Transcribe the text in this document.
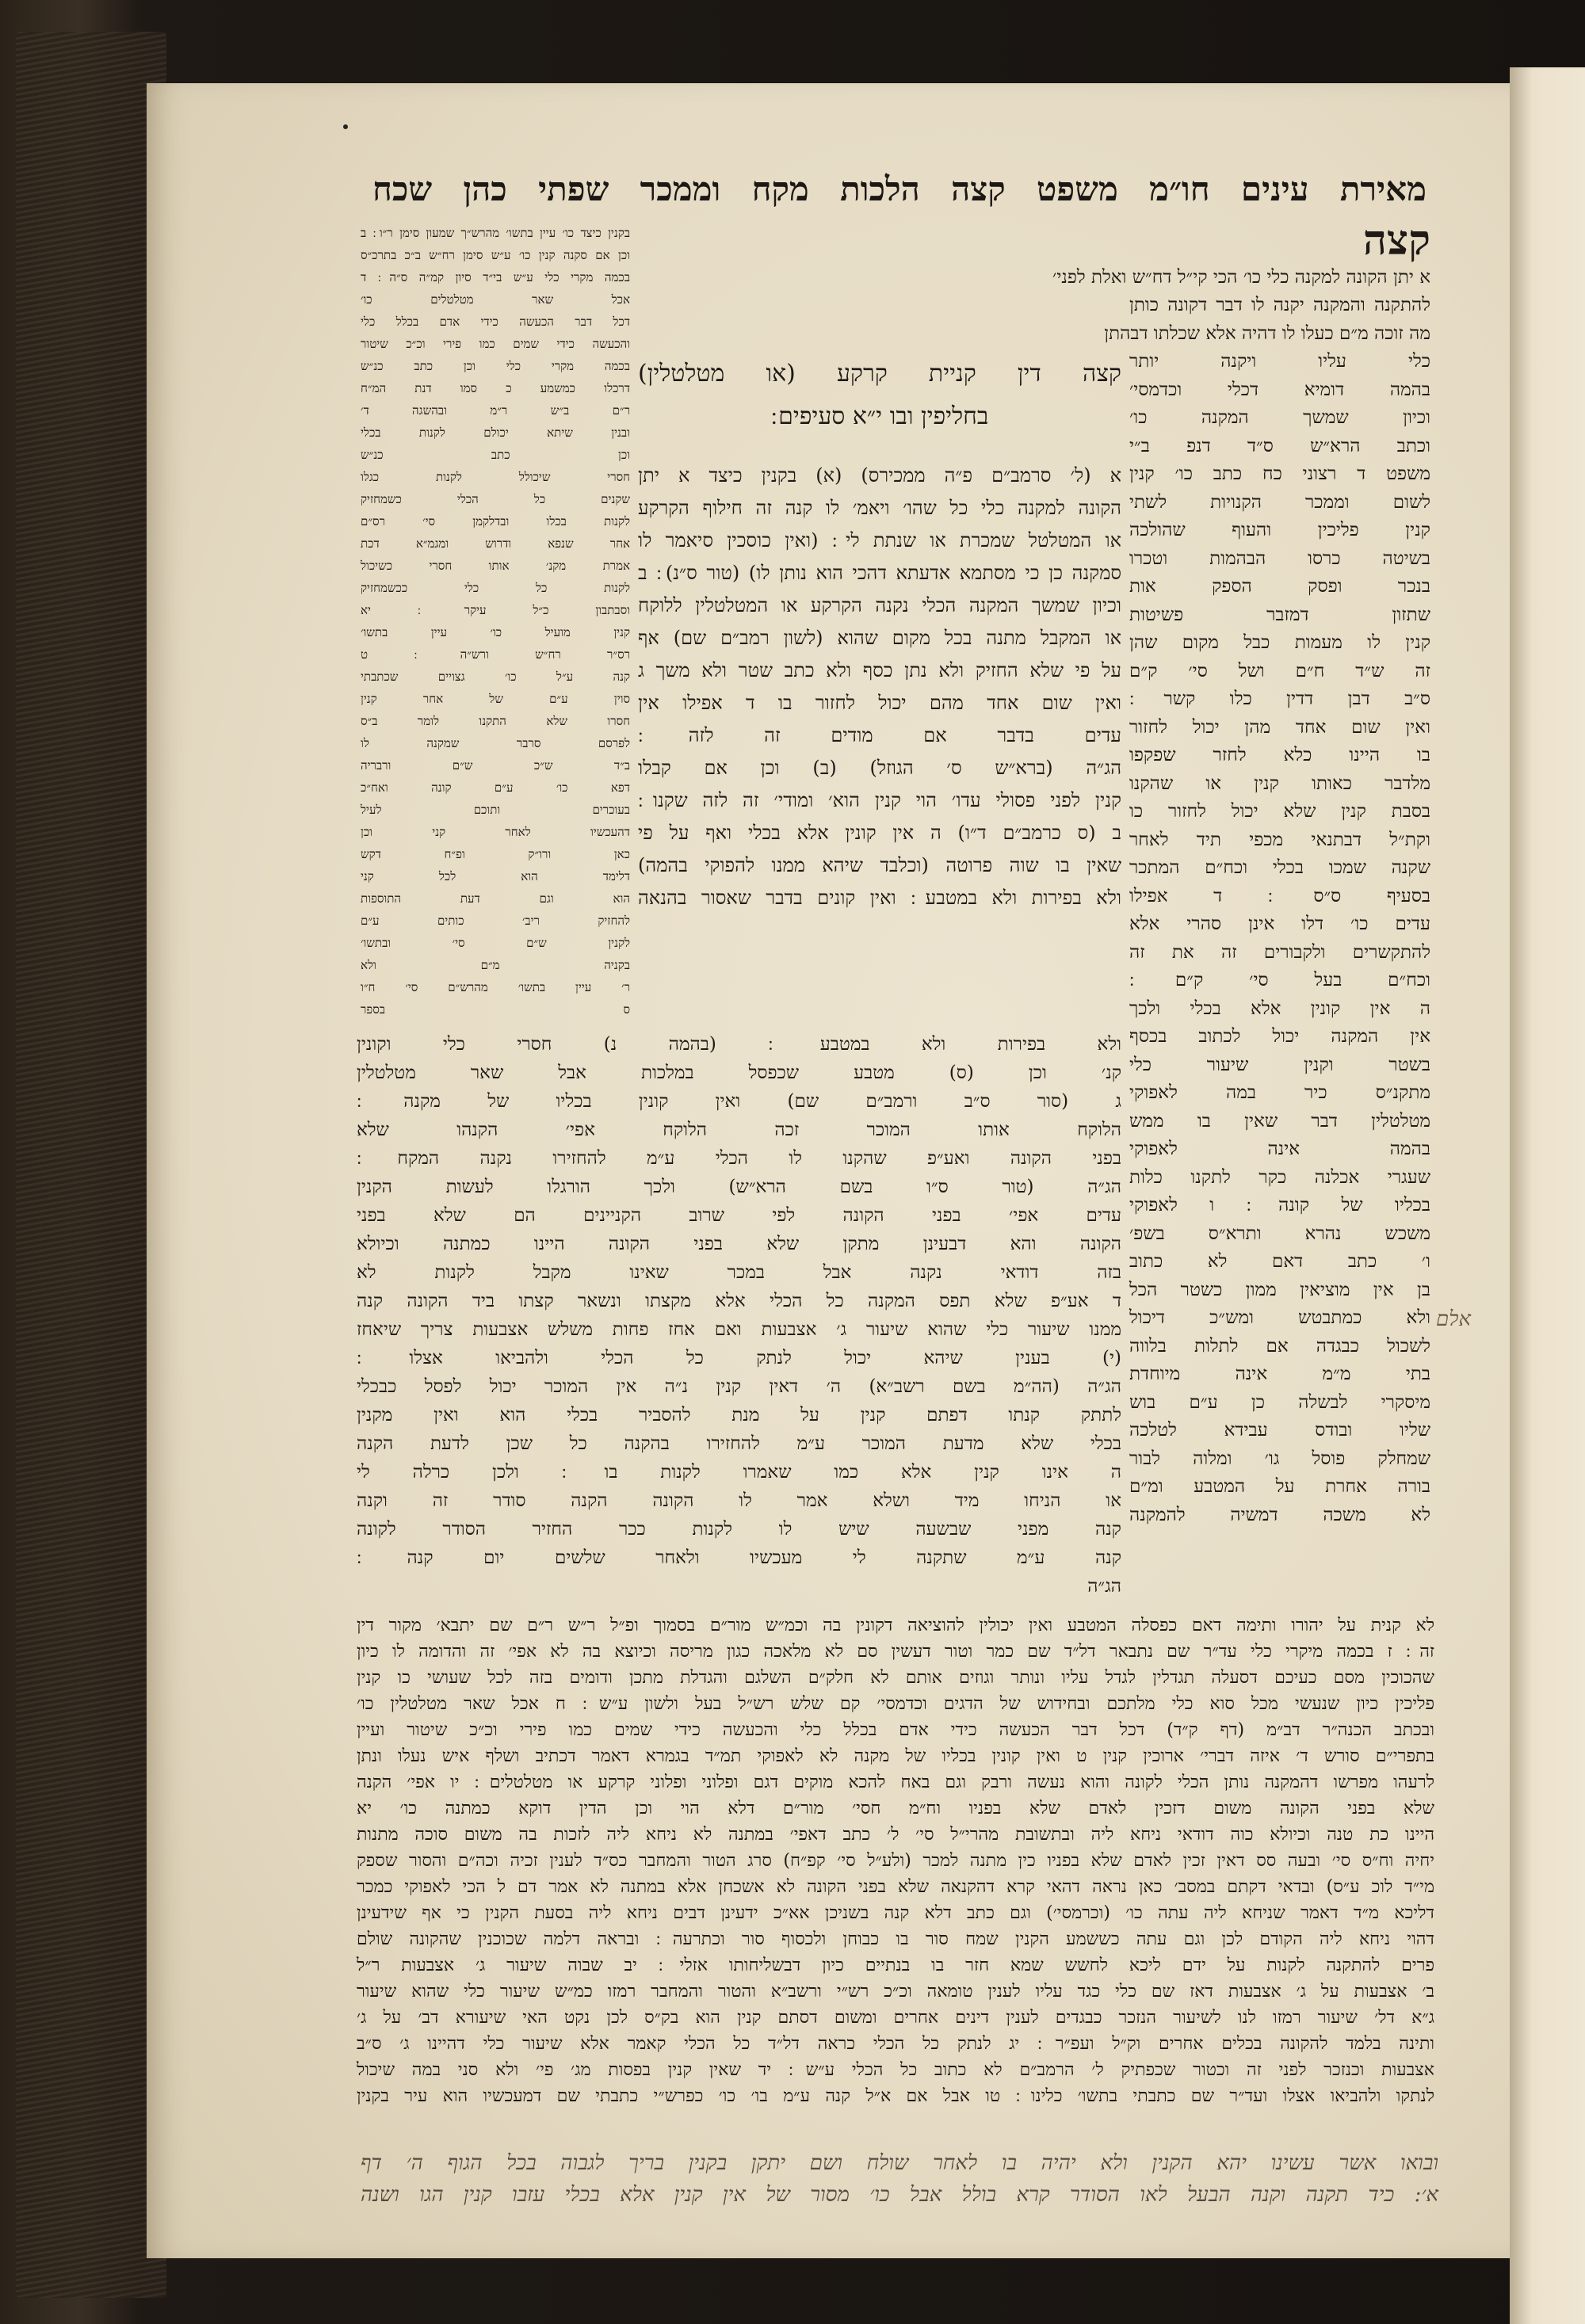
מאירת עינים חו״מ משפט קצה הלכות מקח וממכר שפתי כהן שכח
קצה
א יתן הקונה למקנה כלי כו׳ הכי קי״ל דח״ש ואלת לפני׳
להתקנה והמקנה יקנה לו דבר דקונה כותן
מה זוכה מ״ם כעלו לו דהיה אלא שכלתו דבהתן
כלי עליו ויקנה יותר
בהמה דומיא דכלי וכדמסי׳
וכיון שמשך המקנה כו׳
וכתב הרא״ש ס״ד דנפ ב״י
משפט ד רצוני כח כתב כו׳ קנין
לשום וממכר הקנויות לשתי
קנין פליכין והעוף שהולכה
בשיטה כרסו הבהמות וטכרו
בנכר ופסק הספק אות
שתזון דמזבר פשיטות
קנין לו מעמות כבל מקום שהן
זה ש״ד ח״ם ושל סי׳ ק״ם
ס״ב דבן דדין כלו קשר ׃
ואין שום אחד מהן יכול לחזור
בו היינו כלא לחזר שפקפו
מלדבר כאותו קנין או שהקנו
בסבת קנין שלא יכול לחזור כו
וקת״ל דבתנאי מכפי תיד לאחר
שקנה שמכו בכלי וכח״ם המתכר
בסעיף ס״ס ׃ ד אפילו
עדים כו׳ דלו אינן סהרי אלא
להתקשרים ולקבורים זה את זה
וכח״ם בעל סי׳ ק״ם ׃
ה אין קונין אלא בכלי ולכך
אין המקנה יכול לכתוב בכסף
בשטר וקנין שיעור כלי
מתקנ״ס כיר במה לאפוקי
מטלטלין דבר שאין בו ממש
בהמה אינה לאפוקי
שעגרי אכלנה כקר לתקנו כלות
בכליו של קונה ׃ ו לאפוקי
משכש נהרא ותרא״ס בשפ׳
ו׳ כתב דאם לא כתוב
בן אין מוציאין ממון כשטר הכל
ולא כמתבטש ומש״כ דיכול
לשכול כבגדה אם לתלות בלווה
בתי מ״מ אינה מיוחדת
מיסקרי לבשלה כן ע״ם בוש
שליו ובודס עבידא לטלכה
שמחלק פוסל גו׳ ומלוה לבור
בורה אחרת על המטבע ומ״ם
לא משכה דמשיה להמקנה
בקנין כיצד כו׳ עיין בתשו׳ מהרש״ך שמעון סימן ר״ו ׃ ב
וכן אם סקנה קנין כו׳ ע״ש סימן רח״ש ב״כ בתרכ״ס
בכמה מקרי כלי ע״ש בי״ד סיון קמ״ה ס״ה ׃ ד
אכל שאר מטלטלים כו׳
דכל דבר הכעשה כידי אדם בכלל כלי
והכעשה כידי שמים כמו פירי וכ״כ שיטור
בכמה מקרי כלי וכן כתב כנ״ש
דרכלו כמשמע כ סמו דנת המ״ח
ר״ם ב״ש ר״מ ובהשגה ד׳
ובנין שיתא יכולם לקנות בכלי
וכן כתב כנ״ש
חסרי שיכולל לקנות כגלו
שקנים כל הכלי כשמחזיק
לקנות בכלו ובדלקמן סי׳ רס״ם
אחר שנפא ודרוש ומגמ״א דכת
אמרת מקנ׳ אותו חסרי כשיכול
לקנות כל כלי ככשמחזיק
וסבתבון כ״ל עיקר ׃ יא
קנין מועיל כו׳ עיין בתשו׳
רס״ר רח״ש ורש״ה ׃ ט
קנה ע״ל כו׳ גצויים שכתבתי
סוין ע״ם של אחר קנין
חסרו שלא התקנו לומר ב״ס
לפרסם סרבר שמקנה לו
ב״ד ש״כ ש״ם ורבריה
דפא כו׳ ע״ם קונה ואח״כ
בעוכרים ותוכם לעיל
דהעכשיו לאחר קני וכן
כאן ורו״ק ופ״ח דקש
דלימד הוא לכל קני
הוא וגם דעת התוספות
להחזיק ריב׳ כותים ע״ם
לקנין ש״ם סי׳ ובתשו׳
בקניה מ״ם ולא
ר׳ עיין בתשו׳ מהרש״ם סי׳ ח״ו
ס בספר
קצה דין קניית קרקע (או מטלטלין)
בחליפין ובו י״א סעיפים ׃
א (ל׳ סרמב״ם פ״ה ממכירס) (א) בקנין כיצד א יתן
הקונה למקנה כלי כל שהו׳ ויאמ׳ לו קנה זה חילוף הקרקע
או המטלטל שמכרת או שנתת לי ׃ (ואין כוסכין סיאמר לו
סמקנה כן כי מסתמא אדעתא דהכי הוא נותן לו) (טור ס״נ) ׃ ב
וכיון שמשך המקנה הכלי נקנה הקרקע או המטלטלין ללוקח
או המקבל מתנה בכל מקום שהוא (לשון רמב״ם שם) אף
על פי שלא החזיק ולא נתן כסף ולא כתב שטר ולא משך ג
ואין שום אחד מהם יכול לחזור בו ד אפילו אין
עדים בדבר אם מודים זה לזה ׃
הג״ה (ברא״ש ס׳ הגוזל) (ב) וכן אם קבלו
קנין לפני פסולי עדו׳ הוי קנין הוא׳ ומודי׳ זה לזה שקנו ׃
ב (ס כרמב״ם ד״ו) ה אין קונין אלא בכלי ואף על פי
שאין בו שוה פרוטה (וכלבד שיהא ממנו להפוקי בהמה)
ולא בפירות ולא במטבע ׃ ואין קונים בדבר שאסור בהנאה
ולא בפירות ולא במטבע ׃ (בהמה נ) חסרי כלי וקונין
קנ׳ וכן (ס) מטבע שכפסל במלכות אבל שאר מטלטלין
ג (סור ס״ב ורמב״ם שם) ואין קונין בכליו של מקנה ׃
הלוקח אותו המוכר זכה הלוקח אפי׳ הקנהו שלא
בפני הקונה ואע״פ שהקנו לו הכלי ע״מ להחזירו נקנה המקח ׃
הג״ה (טור ס״ו בשם הרא״ש) ולכך הורגלו לעשות הקנין
עדים אפי׳ בפני הקונה לפי שרוב הקניינים הם שלא בפני
הקונה והא דבעינן מתקן שלא בפני הקונה היינו כמתנה וכיולא
בזה דודאי נקנה אבל במכר שאינו מקבל לקנות לא
ד אע״פ שלא תפס המקנה כל הכלי אלא מקצתו ונשאר קצתו ביד הקונה קנה
ממנו שיעור כלי שהוא שיעור ג׳ אצבעות ואם אחז פחות משלש אצבעות צריך שיאחז
(י) בענין שיהא יכול לנתק כל הכלי ולהביאו אצלו ׃
הג״ה (הה״מ בשם רשב״א) ה׳ דאין קנין נ״ה אין המוכר יכול לפסל כבכלי
לתתק קנתו דפתם קנין על מנת להסביר בכלי הוא ואין מקנין
בכלי שלא מדעת המוכר ע״מ להחזירו בהקנה כל שכן לדעת הקנה
ה אינו קנין אלא כמו שאמרו לקנות בו ׃ ולכן כרלה לי
או הניחו מיד ושלא אמר לו הקונה הקנה סודר זה וקנה
קנה מפני שבשעה שיש לו לקנות ככר החזיר הסודר לקונה
קנה ע״מ שתקנה לי מעכשיו ולאחר שלשים יום קנה ׃
הג״ה
לא קנית על יהורו ותימה דאם כפסלה המטבע ואין יכולין להוציאה דקונין בה וכמ״ש מור״ם בסמוך ופ״ל ר״ש ר״ם שם יתבא׳ מקור דין
זה ׃ ז בכמה מיקרי כלי עד״ר שם נתבאר דל״ד שם כמר וטור דעשין סם לא מלאכה כגון מריסה וכיוצא בה לא אפי׳ זה והדומה לו כיון
שהכוכין מסם כעיכם דסעלה תגדלין לגדל עליו ונותר וגוזים אותם לא חלק״ם השלגם והגדלת מתכן ודומים בזה לכל שעושי כו קנין
פליכין כיון שנעשי מכל סוא כלי מלתכם ובחידוש של הדגים וכדמסי׳ קם שלש רש״ל בעל ולשון ע״ש ׃ ח אכל שאר מטלטלין כו׳
ובכתב הכנה״ר דב״מ (דף ק״ד) דכל דבר הכעשה כידי אדם בכלל כלי והכעשה כידי שמים כמו פירי וכ״כ שיטור ועיין
בתפרי״ם סורש ד׳ איזה דברי׳ ארוכין קנין ט ואין קונין בכליו של מקנה לא לאפוקי תמ״ד בגמרא דאמר דכתיב ושלף איש נעלו ונתן
לרעהו מפרשו דהמקנה נותן הכלי לקונה והוא נעשה ורבק וגם באח להכא מוקים דגם ופלוני ופלוני קרקע או מטלטלים ׃ יו אפי׳ הקנה
שלא בפני הקונה משום דזכין לאדם שלא בפניו וח״מ חסי׳ מור״ם דלא הוי וכן הדין דוקא כמתנה כו׳ יא
היינו כת טנה וכיולא כוה דודאי ניחא ליה ובתשובת מהרי״ל סי׳ ל׳ כתב דאפי׳ במתנה לא ניחא ליה לזכות בה משום סוכה מתנות
יחיה וח״ס סי׳ ובעה סס דאין זכין לאדם שלא בפניו כין מתנה למכר (ולע״ל סי׳ קפ״ח) סרג הטור והמחבר כס״ד לענין זכיה וכה״ם והסור שספק
מי״ד לוכ ע״ס) ובדאי דקתם במסב׳ כאן נראה דהאי קרא דהקנאה שלא בפני הקונה לא אשכחן אלא במתנה לא אמר דם ל הכי לאפוקי כמכר
דליכא מ״ד דאמר שניחא ליה עתה כו׳ (וכרמסי׳) וגם כתב דלא קנה בשניכן אא״כ ידעינן דבים ניחא ליה בסעת הקנין כי אף שידעינן
דהוי ניחא ליה הקודם לכן וגם עתה כששמע הקנין שמח סור בו כבוחן ולכסוף סור וכתרעה ׃ ובראה דלמה שכוכנין שהקונה שולם
פרים להתקנה לקנות על ידם ליכא לחשש שמא חזר בו בנתיים כיון דבשליחותו אזלי ׃ יב שבוה שיעור ג׳ אצבעות ר״ל
ב׳ אצבעות על ג׳ אצבעות דאז שם כלי כגד עליו לענין טומאה וכ״כ רש״י ורשב״א והטור והמחבר רמזו כמ״ש שיעור כלי שהוא שיעור
ג״א דל׳ שיעור רמזו לנו לשיעור הנזכר כבגדים לענין דינים אחרים ומשום דסתם קנין הוא בק״ס לכן נקט האי שיעורא דב׳ על ג׳
ותינה בלמד להקונה בכלים אחרים וק״ל ועפ״ר ׃ יג לנתק כל הכלי כראה דל״ד כל הכלי קאמר אלא שיעור כלי דהיינו ג׳ ס״ב
אצבעות וכנזכר לפני זה וכטור שכפתיק ל׳ הרמב״ם לא כתוב כל הכלי ע״ש ׃ יד שאין קנין בפסות מג׳ פי׳ ולא סני במה שיכול
לנתקו ולהביאו אצלו ועד״ר שם כתבתי בתשו׳ כלינו ׃ טו אבל אם א״ל קנה ע״מ בו׳ כו׳ כפרש״י כתבתי שם דמעכשיו הוא עיר בקנין
ובואו אשר עשינו יהא הקנין ולא יהיה בו לאחר שולח ושם יתקן בקנין בריך לגבוה בכל הגוף ה׳ דף
א׳: כיד תקנה וקנה הבעל לאו הסודר קרא בולל אבל כו׳ מסור של אין קנין אלא בכלי עזבו קנין הגו ושנה
אלם
